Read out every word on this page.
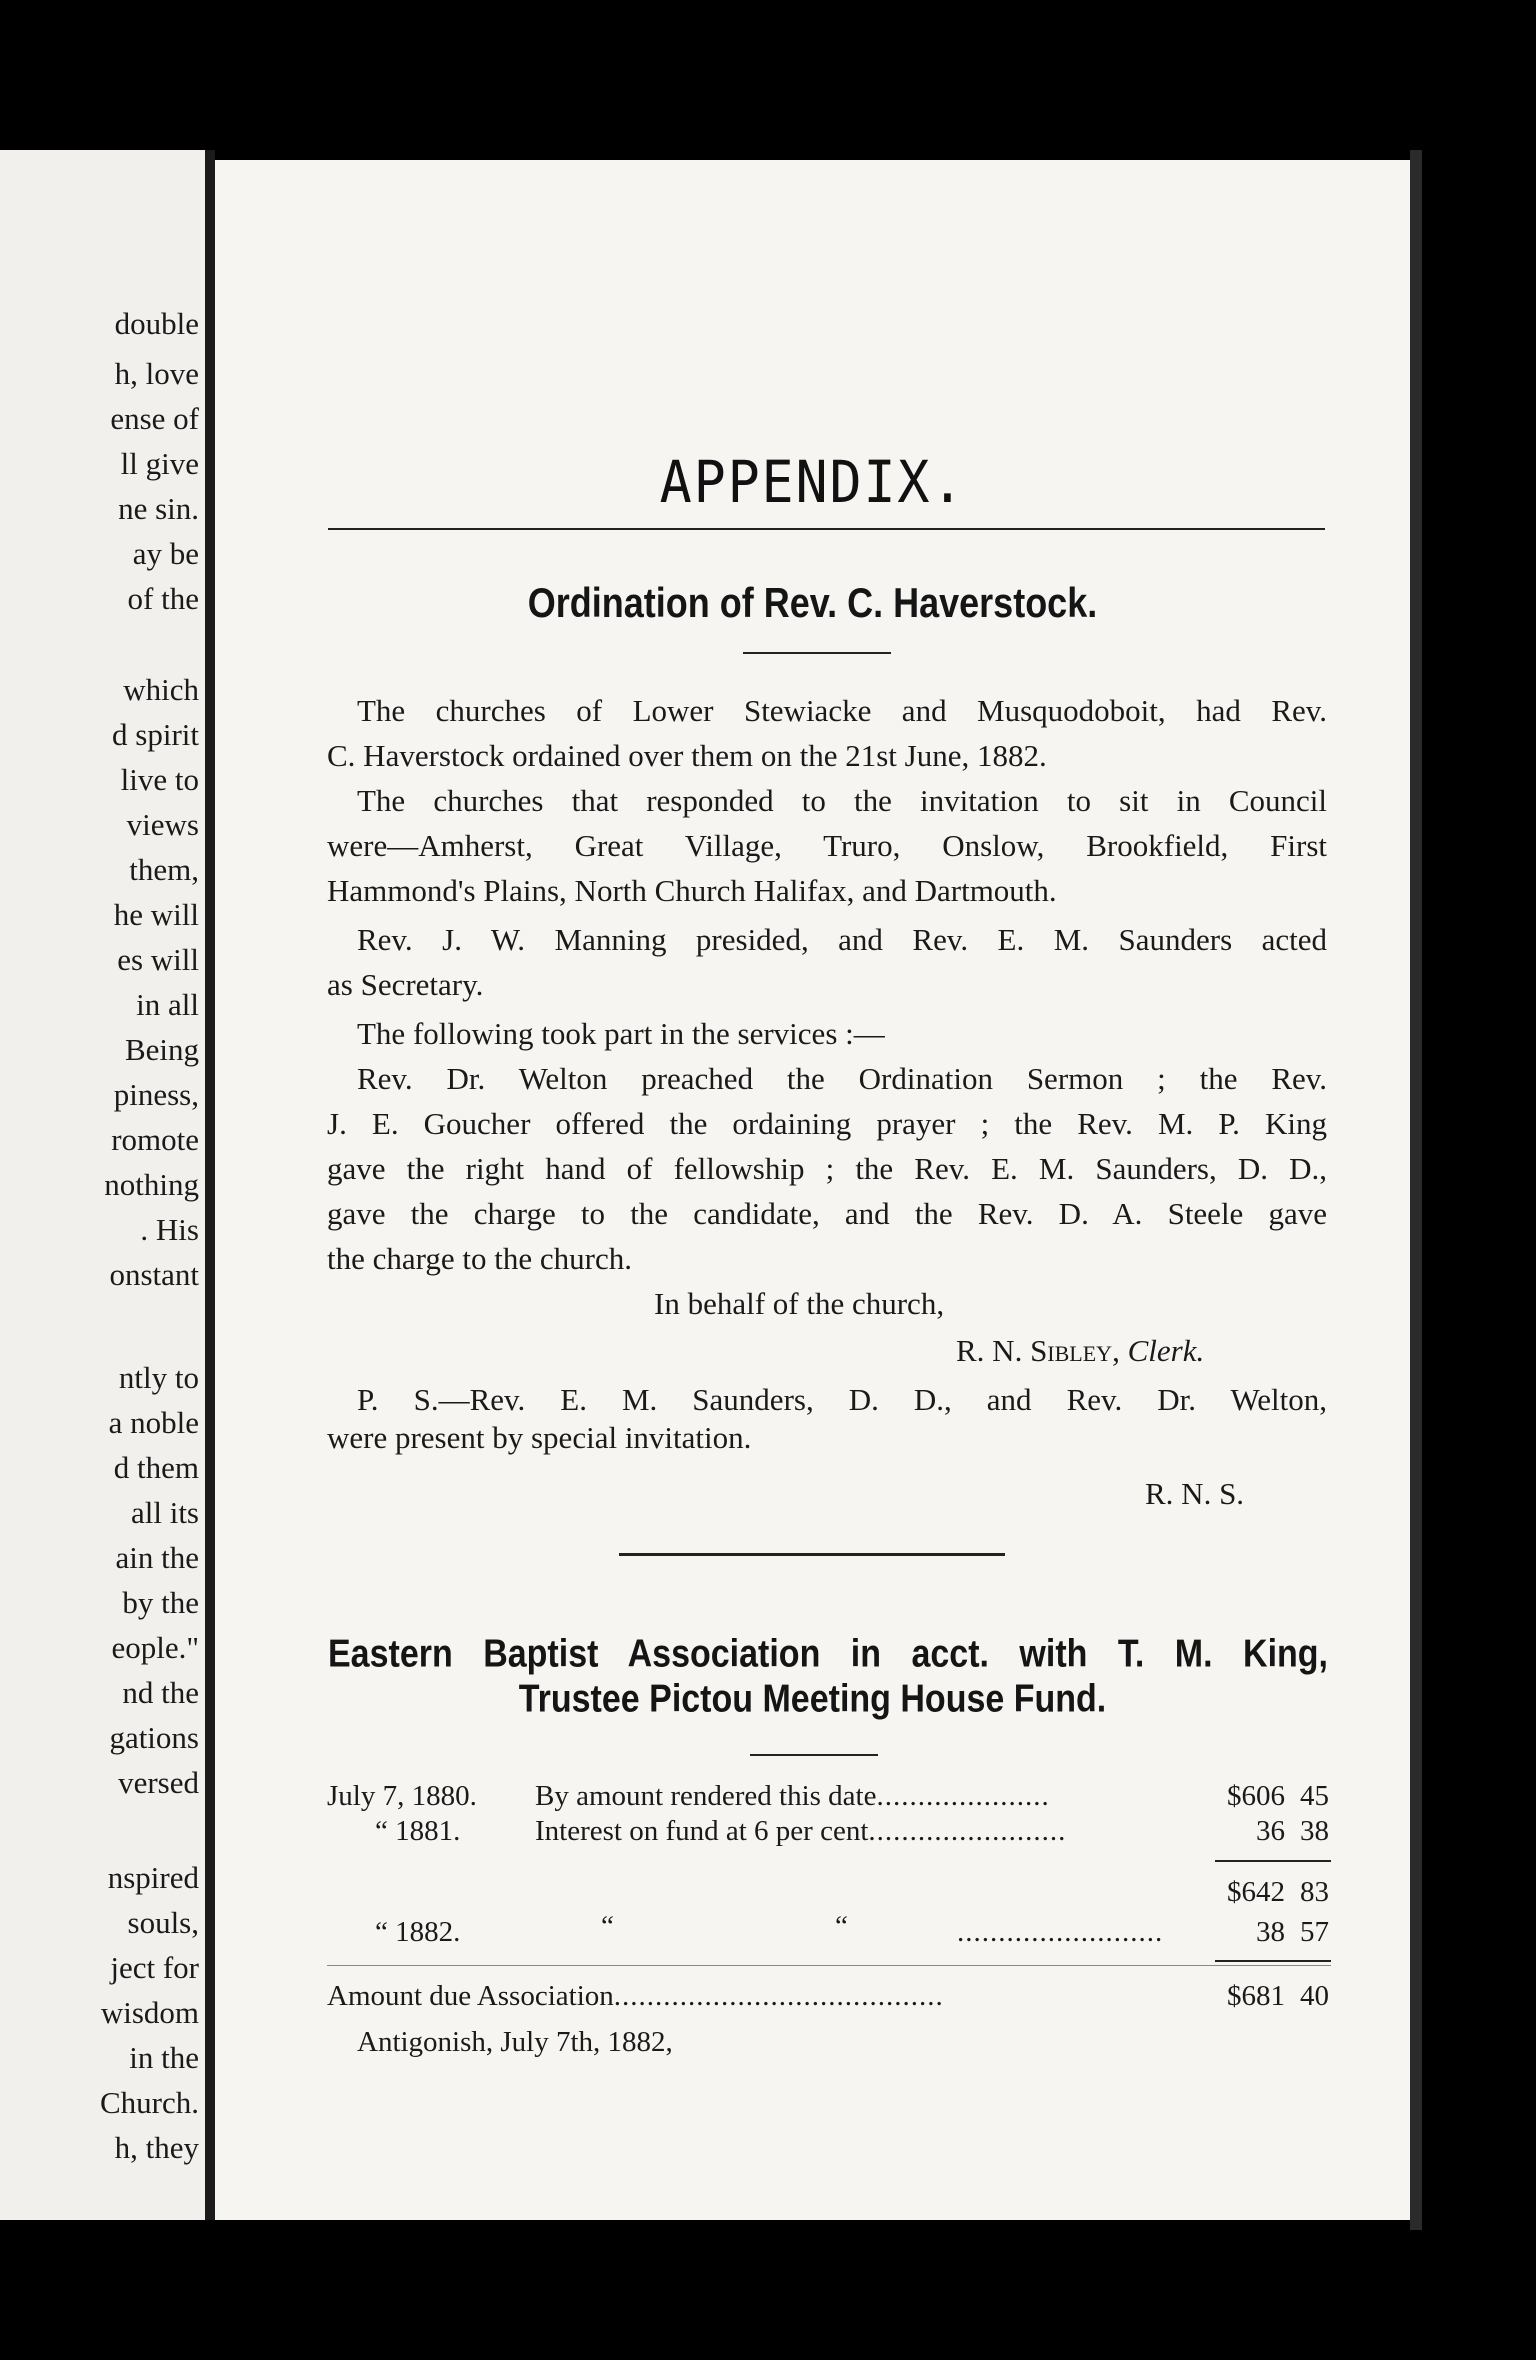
double
h, love
ense of
ll give
ne sin.
ay be
of the
which
d spirit
live to
views
them,
he will
es will
in all
Being
piness,
romote
nothing
. His
onstant
ntly to
a noble
d them
all its
ain the
by the
eople."
nd the
gations
versed
nspired
souls,
ject for
wisdom
in the
Church.
h, they
APPENDIX.
Ordination of Rev. C. Haverstock.
The churches of Lower Stewiacke and Musquodoboit, had Rev.
C. Haverstock ordained over them on the 21st June, 1882.
The churches that responded to the invitation to sit in Council
were—Amherst, Great Village, Truro, Onslow, Brookfield, First
Hammond's Plains, North Church Halifax, and Dartmouth.
Rev. J. W. Manning presided, and Rev. E. M. Saunders acted
as Secretary.
The following took part in the services :—
Rev. Dr. Welton preached the Ordination Sermon ; the Rev.
J. E. Goucher offered the ordaining prayer ; the Rev. M. P. King
gave the right hand of fellowship ; the Rev. E. M. Saunders, D. D.,
gave the charge to the candidate, and the Rev. D. A. Steele gave
the charge to the church.
In behalf of the church,
R. N. Sibley, Clerk.
P. S.—Rev. E. M. Saunders, D. D., and Rev. Dr. Welton,
were present by special invitation.
R. N. S.
Eastern Baptist Association in acct. with T. M. King,
Trustee Pictou Meeting House Fund.
July 7, 1880. By amount rendered this date.....................	$606 45
“ 1881.	Interest on fund at 6 per cent........................	36 38
$642 83
“ 1882.	“	“	.........................	38 57
Amount due Association........................................	$681 40
Antigonish, July 7th, 1882,
